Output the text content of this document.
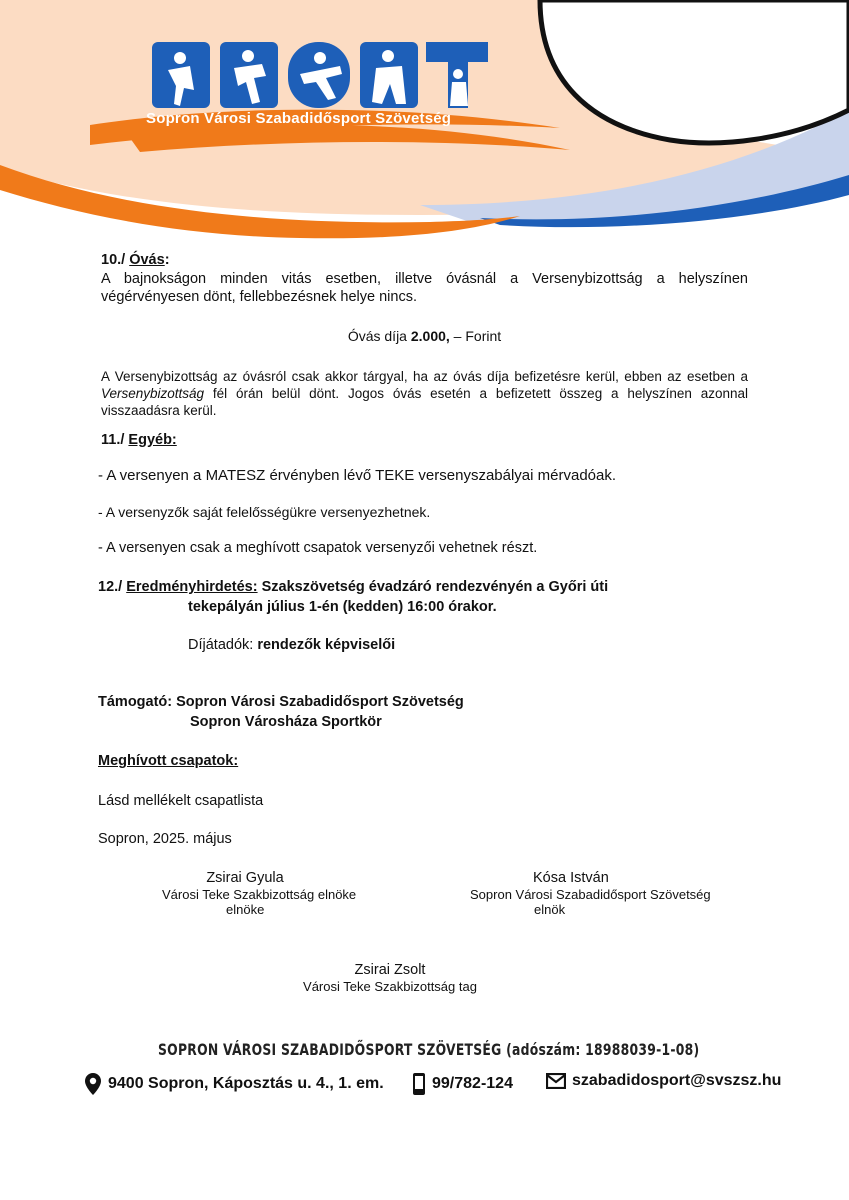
Sopron Városi Szabadidősport Szövetség
10./ Óvás:
A bajnokságon minden vitás esetben, illetve óvásnál a Versenybizottság a helyszínen végérvényesen dönt, fellebbezésnek helye nincs.
Óvás díja 2.000, – Forint
A Versenybizottság az óvásról csak akkor tárgyal, ha az óvás díja befizetésre kerül, ebben az esetben a Versenybizottság fél órán belül dönt. Jogos óvás esetén a befizetett összeg a helyszínen azonnal visszaadásra kerül.
11./ Egyéb:
- A versenyen a MATESZ érvényben lévő TEKE versenyszabályai mérvadóak.
- A versenyzők saját felelősségükre versenyezhetnek.
- A versenyen csak a meghívott csapatok versenyzői vehetnek részt.
12./ Eredményhirdetés: Szakszövetség évadzáró rendezvényén a Győri úti
tekepályán július 1-én (kedden) 16:00 órakor.
Díjátadók: rendezők képviselői
Támogató: Sopron Városi Szabadidősport Szövetség
Sopron Városháza Sportkör
Meghívott csapatok:
Lásd mellékelt csapatlista
Sopron, 2025. május
Zsirai Gyula
Városi Teke Szakbizottság elnöke
elnöke
Kósa István
Sopron Városi Szabadidősport Szövetség
elnök
Zsirai Zsolt
Városi Teke Szakbizottság tag
SOPRON VÁROSI SZABADIDŐSPORT SZÖVETSÉG (adószám: 18988039-1-08)
9400 Sopron, Káposztás u. 4., 1. em.	99/782-124	szabadidosport@svszsz.hu
